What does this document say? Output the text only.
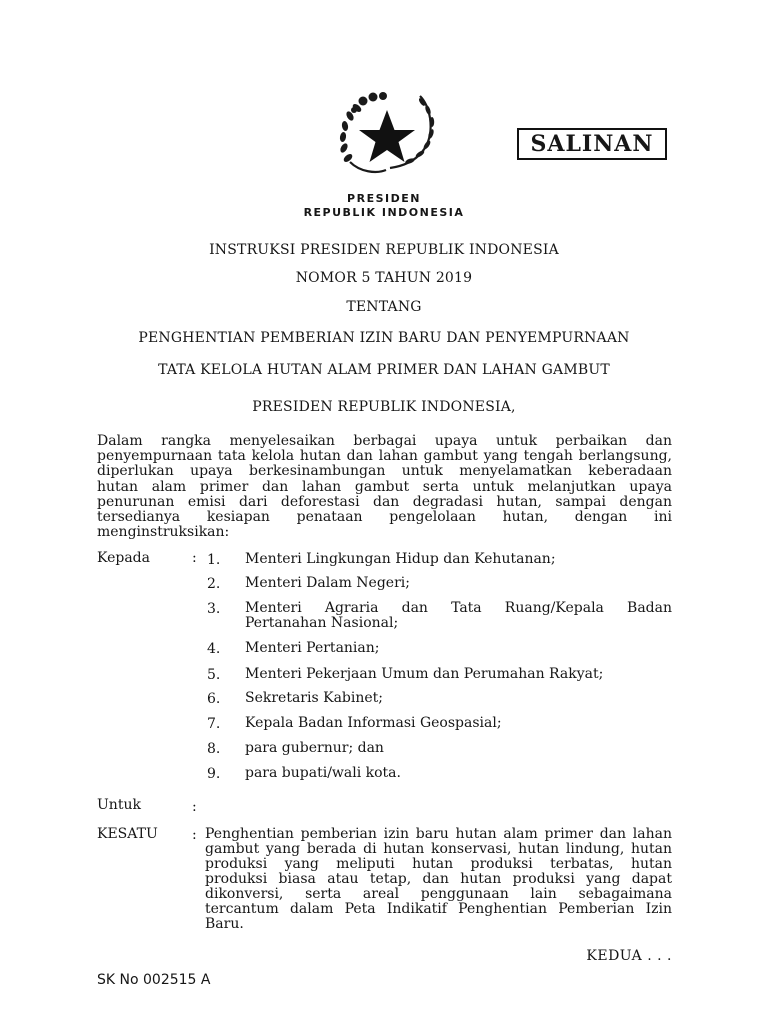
SALINAN
PRESIDEN
REPUBLIK INDONESIA
INSTRUKSI PRESIDEN REPUBLIK INDONESIA
NOMOR 5 TAHUN 2019
TENTANG
PENGHENTIAN PEMBERIAN IZIN BARU DAN PENYEMPURNAAN
TATA KELOLA HUTAN ALAM PRIMER DAN LAHAN GAMBUT
PRESIDEN REPUBLIK INDONESIA,
Dalam rangka menyelesaikan berbagai upaya untuk perbaikan dan
penyempurnaan tata kelola hutan dan lahan gambut yang tengah berlangsung,
diperlukan upaya berkesinambungan untuk menyelamatkan keberadaan
hutan alam primer dan lahan gambut serta untuk melanjutkan upaya
penurunan emisi dari deforestasi dan degradasi hutan, sampai dengan
tersedianya kesiapan penataan pengelolaan hutan, dengan ini
menginstruksikan:
Kepada	: 1.	Menteri Lingkungan Hidup dan Kehutanan;
2.	Menteri Dalam Negeri;
3.	Menteri Agraria dan Tata Ruang/Kepala Badan
Pertanahan Nasional;
4.	Menteri Pertanian;
5.	Menteri Pekerjaan Umum dan Perumahan Rakyat;
6.	Sekretaris Kabinet;
7.	Kepala Badan Informasi Geospasial;
8.	para gubernur; dan
9.	para bupati/wali kota.
Untuk	:
KESATU : Penghentian pemberian izin baru hutan alam primer dan lahan
gambut yang berada di hutan konservasi, hutan lindung, hutan
produksi yang meliputi hutan produksi terbatas, hutan
produksi biasa atau tetap, dan hutan produksi yang dapat
dikonversi, serta areal penggunaan lain sebagaimana
tercantum dalam Peta Indikatif Penghentian Pemberian Izin
Baru.
KEDUA . . .
SK No 002515 A
